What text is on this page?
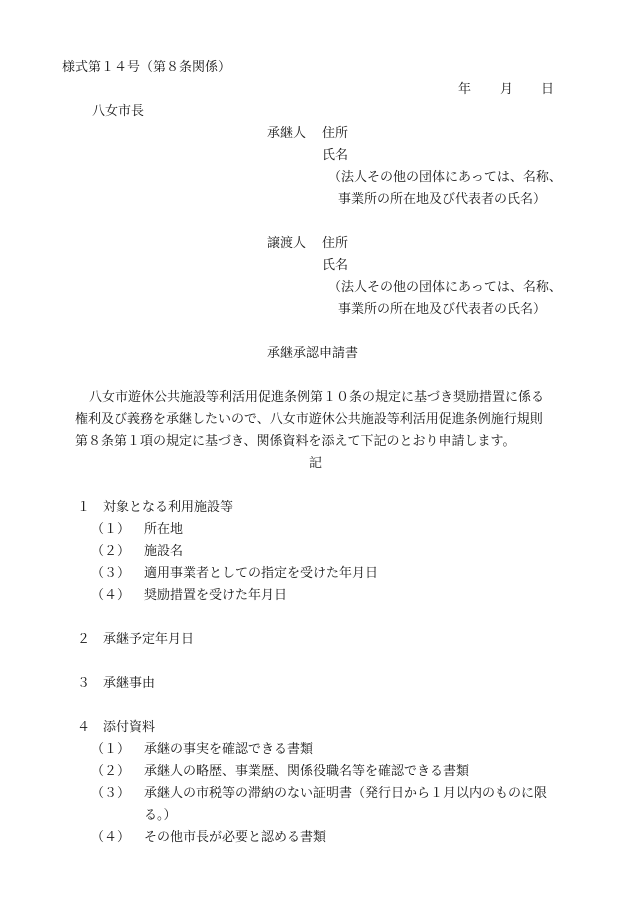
様式第１４号（第８条関係）
年 月 日
八女市長
承継人 住所
氏名
（法人その他の団体にあっては、名称、
事業所の所在地及び代表者の氏名）
譲渡人 住所
氏名
（法人その他の団体にあっては、名称、
事業所の所在地及び代表者の氏名）
承継承認申請書
八女市遊休公共施設等利活用促進条例第１０条の規定に基づき奨励措置に係る
権利及び義務を承継したいので、八女市遊休公共施設等利活用促進条例施行規則
第８条第１項の規定に基づき、関係資料を添えて下記のとおり申請します。
記
１ 対象となる利用施設等
（１） 所在地
（２） 施設名
（３） 適用事業者としての指定を受けた年月日
（４） 奨励措置を受けた年月日
２ 承継予定年月日
３ 承継事由
４ 添付資料
（１） 承継の事実を確認できる書類
（２） 承継人の略歴、事業歴、関係役職名等を確認できる書類
（３） 承継人の市税等の滞納のない証明書（発行日から１月以内のものに限
る。）
（４） その他市長が必要と認める書類
